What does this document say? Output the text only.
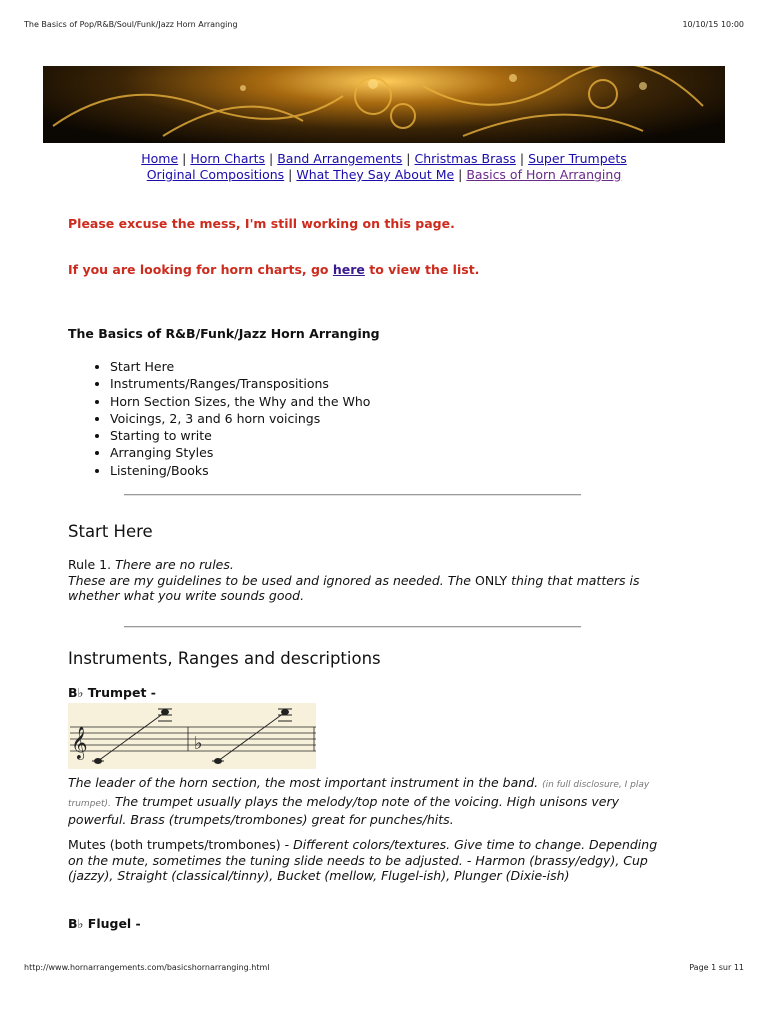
The Basics of Pop/R&B/Soul/Funk/Jazz Horn Arranging	10/10/15 10:00
Home | Horn Charts | Band Arrangements | Christmas Brass | Super Trumpets
Original Compositions | What They Say About Me | Basics of Horn Arranging
Please excuse the mess, I'm still working on this page.
If you are looking for horn charts, go here to view the list.
The Basics of R&B/Funk/Jazz Horn Arranging
• Start Here
• Instruments/Ranges/Transpositions
• Horn Section Sizes, the Why and the Who
• Voicings, 2, 3 and 6 horn voicings
• Starting to write
• Arranging Styles
• Listening/Books
Start Here
Rule 1. There are no rules.
These are my guidelines to be used and ignored as needed. The ONLY thing that matters is whether what you write sounds good.
Instruments, Ranges and descriptions
B♭ Trumpet -
𝄞	♭
The leader of the horn section, the most important instrument in the band. (in full disclosure, I play trumpet). The trumpet usually plays the melody/top note of the voicing. High unisons very powerful. Brass (trumpets/trombones) great for punches/hits.
Mutes (both trumpets/trombones) - Different colors/textures. Give time to change. Depending on the mute, sometimes the tuning slide needs to be adjusted. - Harmon (brassy/edgy), Cup (jazzy), Straight (classical/tinny), Bucket (mellow, Flugel-ish), Plunger (Dixie-ish)
B♭ Flugel -
http://www.hornarrangements.com/basicshornarranging.html	Page 1 sur 11
